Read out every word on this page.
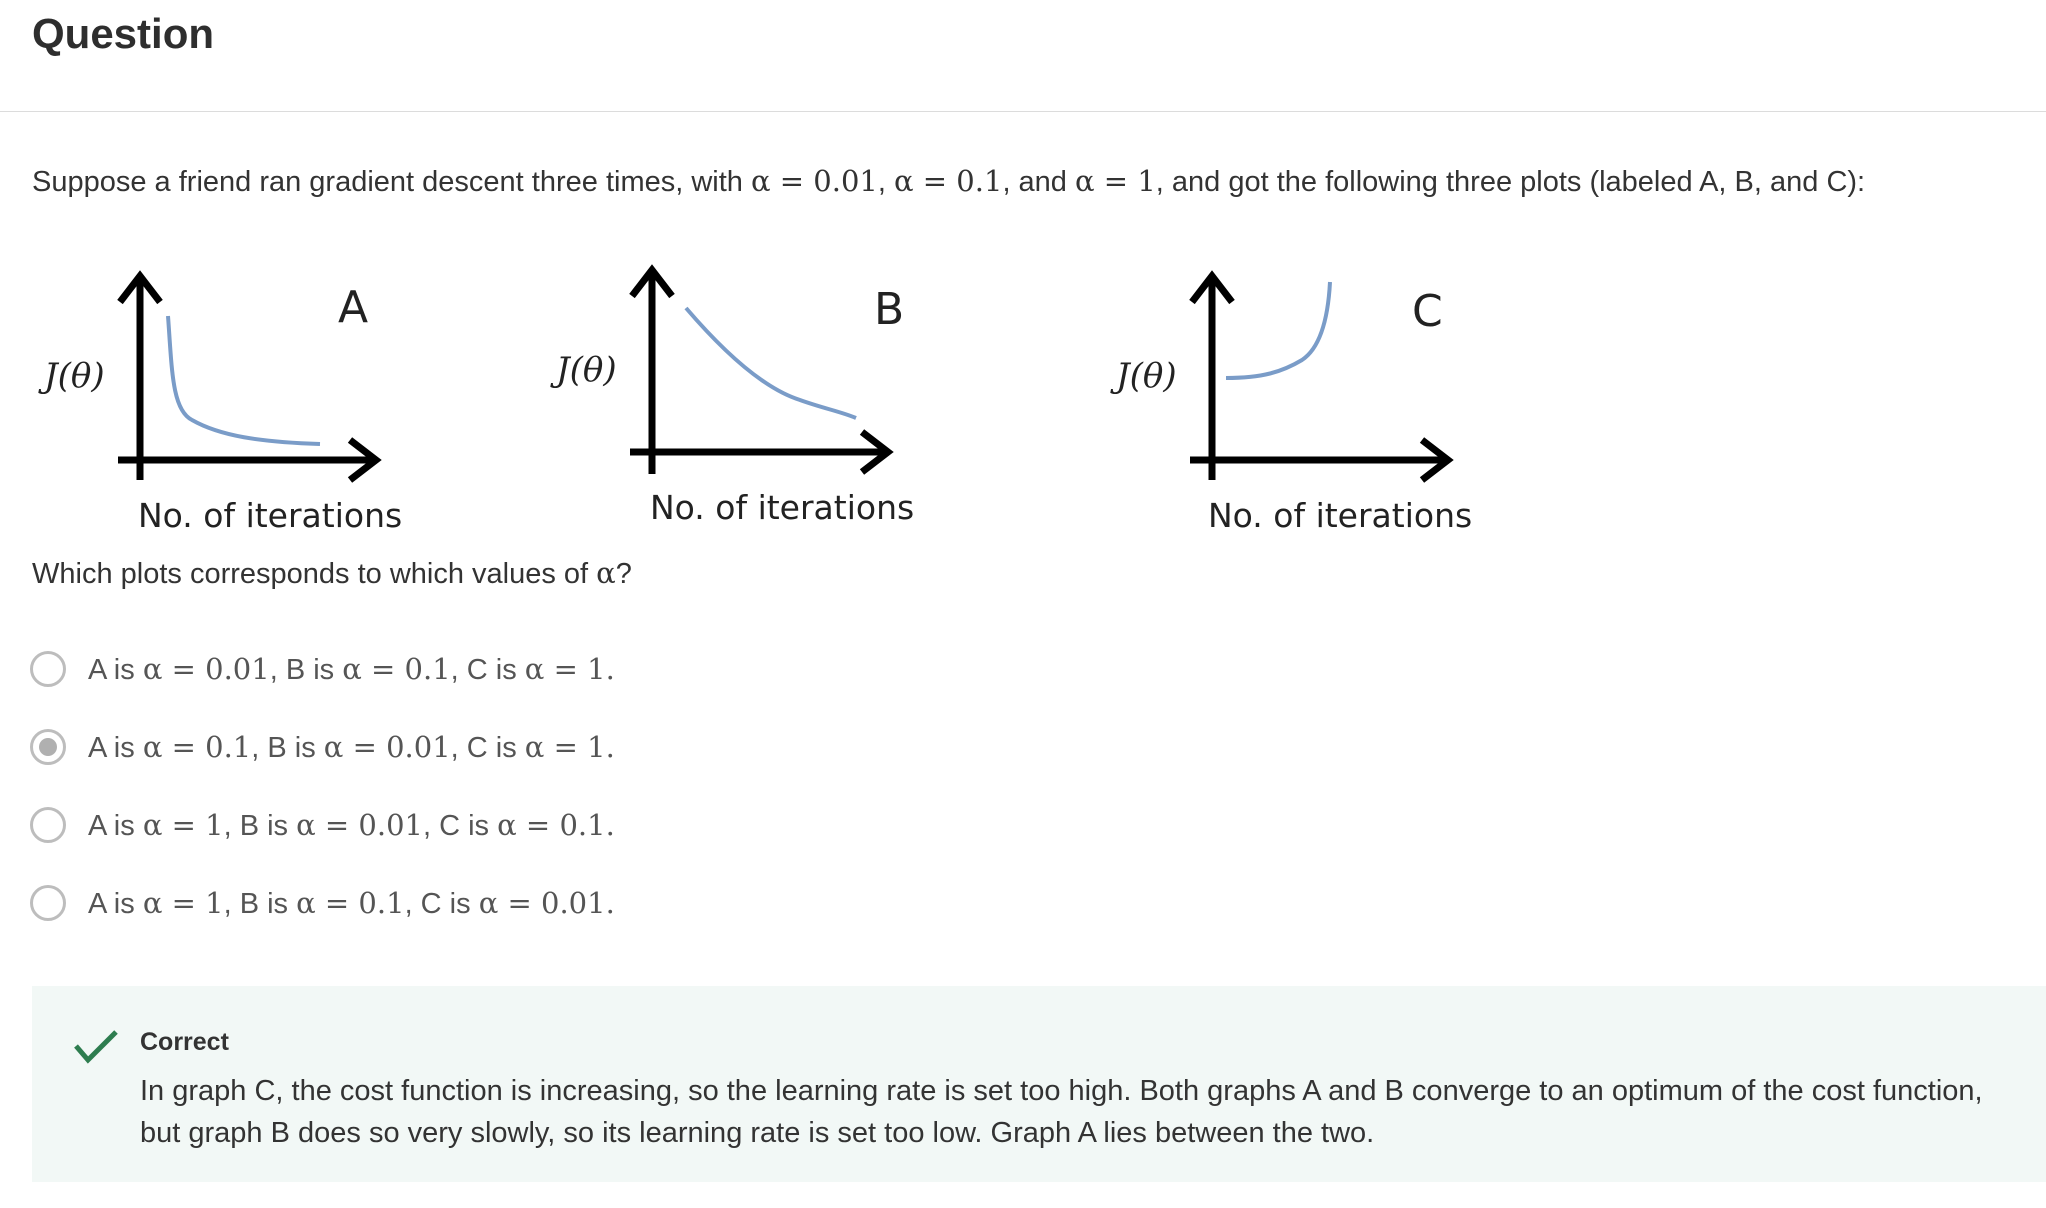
Question

Suppose a friend ran gradient descent three times, with α = 0.01, α = 0.1, and α = 1, and got the following three plots (labeled A, B, and C):

A
J(θ)
No. of iterations
B
J(θ)
No. of iterations
C
J(θ)
No. of iterations

Which plots corresponds to which values of α?

A is α = 0.01, B is α = 0.1, C is α = 1.
A is α = 0.1, B is α = 0.01, C is α = 1.
A is α = 1, B is α = 0.01, C is α = 0.1.
A is α = 1, B is α = 0.1, C is α = 0.01.
Correct
In graph C, the cost function is increasing, so the learning rate is set too high. Both graphs A and B converge to an optimum of the cost function, but graph B does so very slowly, so its learning rate is set too low. Graph A lies between the two.
